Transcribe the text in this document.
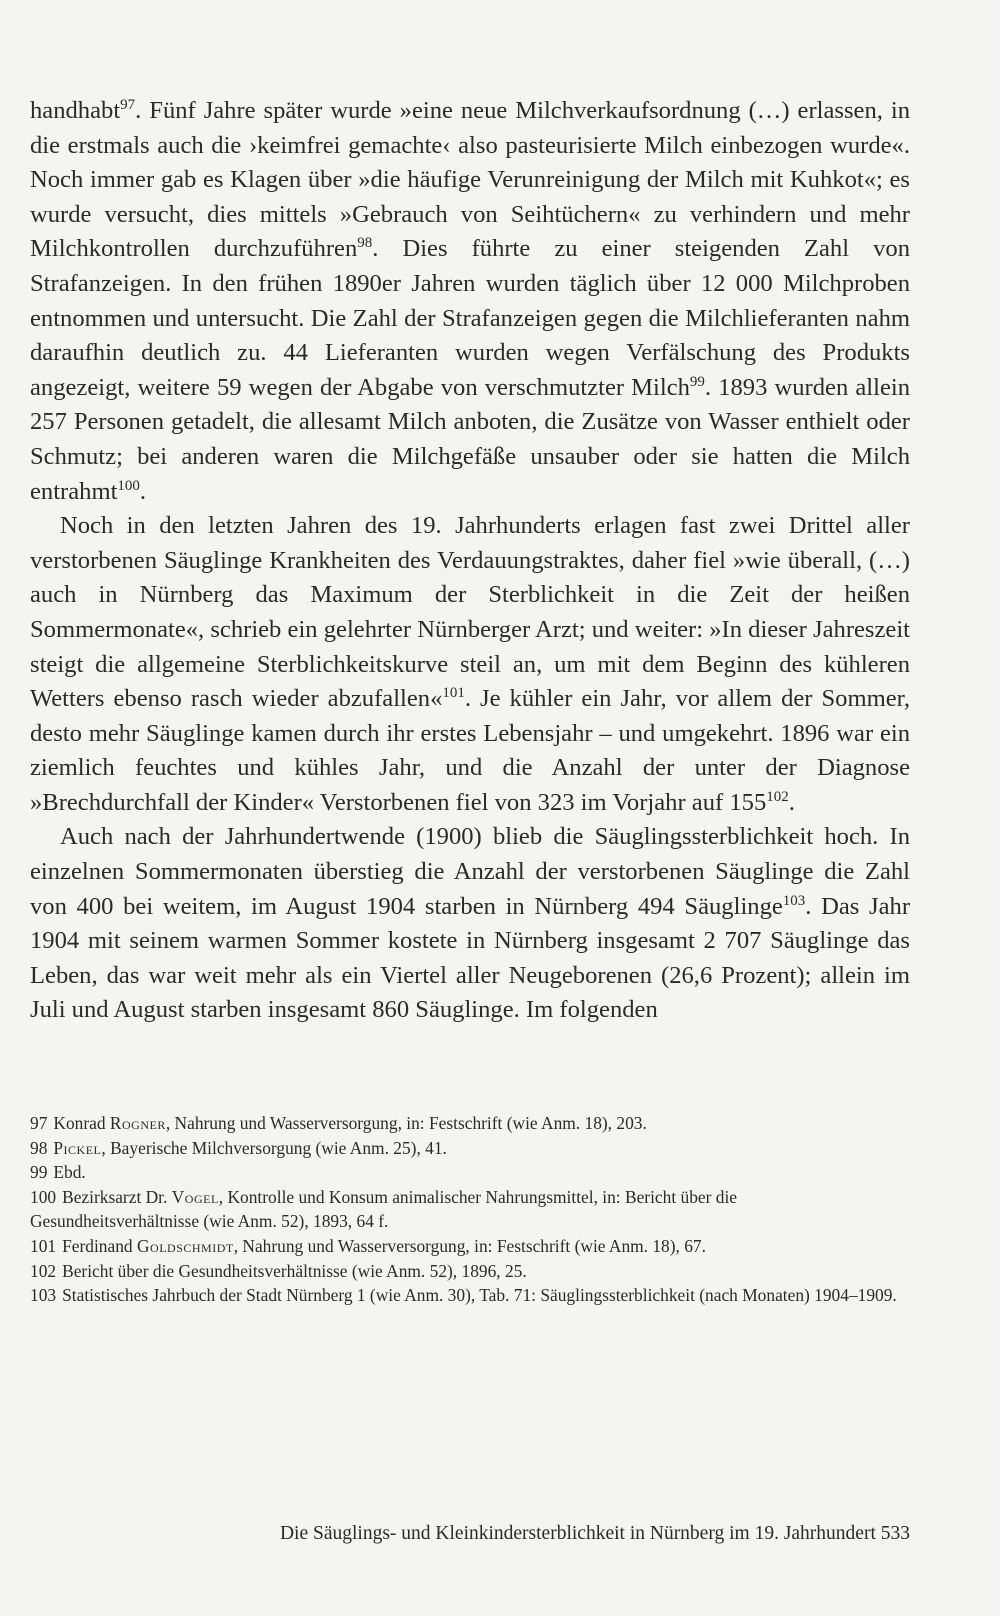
handhabt$^{97}$. Fünf Jahre später wurde »eine neue Milchverkaufsordnung (…) erlassen, in die erstmals auch die ›keimfrei gemachte‹ also pasteurisierte Milch einbezogen wurde«. Noch immer gab es Klagen über »die häufige Verunreinigung der Milch mit Kuhkot«; es wurde versucht, dies mittels »Gebrauch von Seihtüchern« zu verhindern und mehr Milchkontrollen durchzuführen$^{98}$. Dies führte zu einer steigenden Zahl von Strafanzeigen. In den frühen 1890er Jahren wurden täglich über 12 000 Milchproben entnommen und untersucht. Die Zahl der Strafanzeigen gegen die Milchlieferanten nahm daraufhin deutlich zu. 44 Lieferanten wurden wegen Verfälschung des Produkts angezeigt, weitere 59 wegen der Abgabe von verschmutzter Milch$^{99}$. 1893 wurden allein 257 Personen getadelt, die allesamt Milch anboten, die Zusätze von Wasser enthielt oder Schmutz; bei anderen waren die Milchgefäße unsauber oder sie hatten die Milch entrahmt$^{100}$.

Noch in den letzten Jahren des 19. Jahrhunderts erlagen fast zwei Drittel aller verstorbenen Säuglinge Krankheiten des Verdauungstraktes, daher fiel »wie überall, (…) auch in Nürnberg das Maximum der Sterblichkeit in die Zeit der heißen Sommermonate«, schrieb ein gelehrter Nürnberger Arzt; und weiter: »In dieser Jahreszeit steigt die allgemeine Sterblichkeitskurve steil an, um mit dem Beginn des kühleren Wetters ebenso rasch wieder abzufallen«$^{101}$. Je kühler ein Jahr, vor allem der Sommer, desto mehr Säuglinge kamen durch ihr erstes Lebensjahr – und umgekehrt. 1896 war ein ziemlich feuchtes und kühles Jahr, und die Anzahl der unter der Diagnose »Brechdurchfall der Kinder« Verstorbenen fiel von 323 im Vorjahr auf $155^{102}$.

Auch nach der Jahrhundertwende (1900) blieb die Säuglingssterblichkeit hoch. In einzelnen Sommermonaten überstieg die Anzahl der verstorbenen Säuglinge die Zahl von 400 bei weitem, im August 1904 starben in Nürnberg 494 Säuglinge$^{103}$. Das Jahr 1904 mit seinem warmen Sommer kostete in Nürnberg insgesamt 2 707 Säuglinge das Leben, das war weit mehr als ein Viertel aller Neugeborenen (26,6 Prozent); allein im Juli und August starben insgesamt 860 Säuglinge. Im folgenden

97 Konrad Rogner, Nahrung und Wasserversorgung, in: Festschrift (wie Anm. 18), 203.

98 Pickel, Bayerische Milchversorgung (wie Anm. 25), 41.

99 Ebd.

100 Bezirksarzt Dr. Vogel, Kontrolle und Konsum animalischer Nahrungsmittel, in: Bericht über die Gesundheitsverhältnisse (wie Anm. 52), 1893, 64 f.

101 Ferdinand Goldschmidt, Nahrung und Wasserversorgung, in: Festschrift (wie Anm. 18), 67.

102 Bericht über die Gesundheitsverhältnisse (wie Anm. 52), 1896, 25.

103 Statistisches Jahrbuch der Stadt Nürnberg 1 (wie Anm. 30), Tab. 71: Säuglingssterblichkeit (nach Monaten) 1904–1909.

Die Säuglings- und Kleinkindersterblichkeit in Nürnberg im 19. Jahrhundert 533
